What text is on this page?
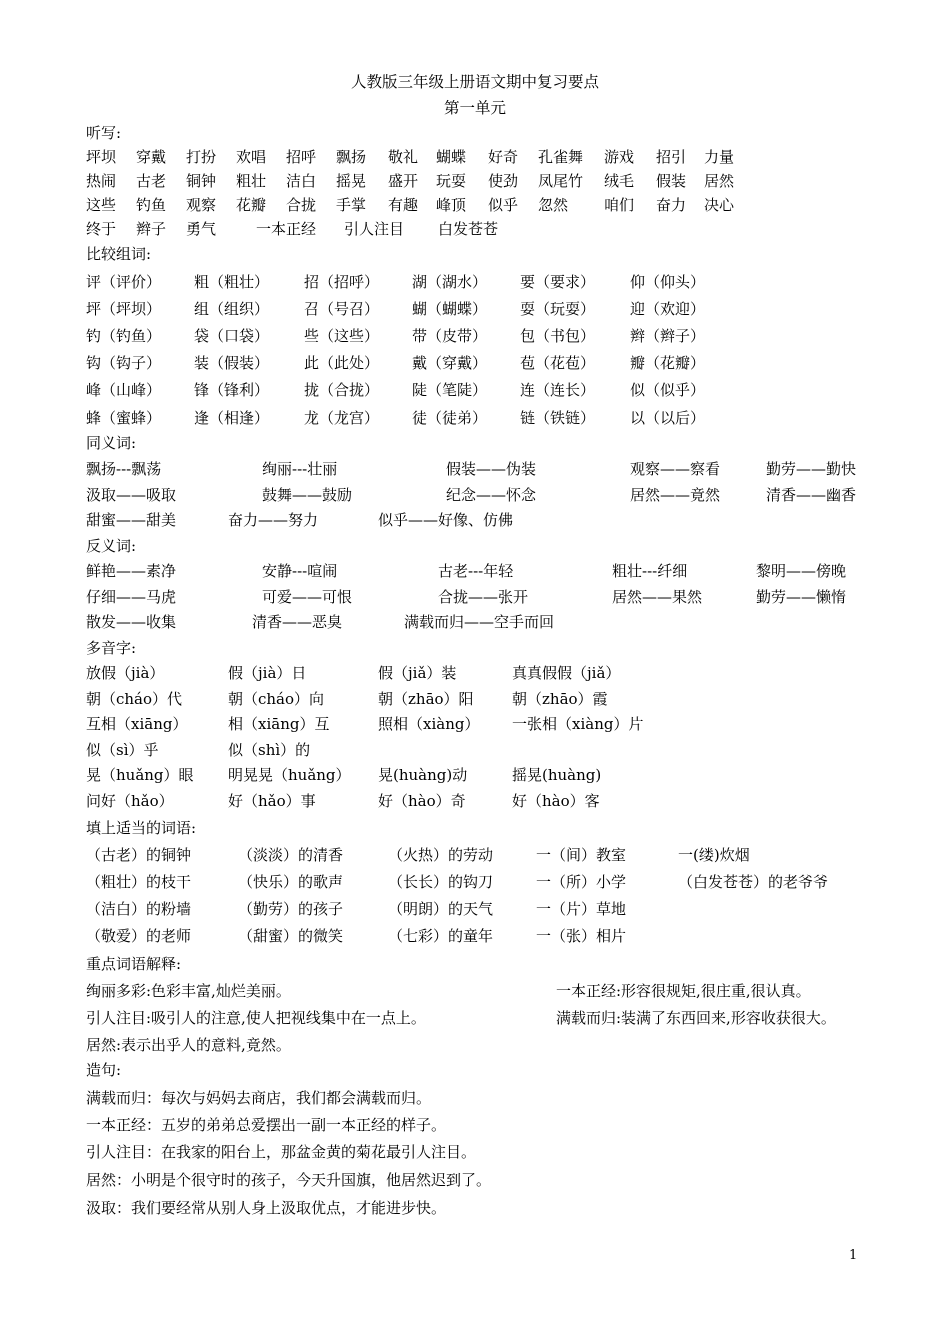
人教版三年级上册语文期中复习要点
第一单元
听写:
坪坝 穿戴 打扮 欢唱 招呼 飘扬 敬礼 蝴蝶 好奇 孔雀舞 游戏 招引 力量
热闹 古老 铜钟 粗壮 洁白 摇晃 盛开 玩耍 使劲 凤尾竹 绒毛 假装 居然
这些 钓鱼 观察 花瓣 合拢 手掌 有趣 峰顶 似乎 忽然 咱们 奋力 决心
终于 辫子 勇气	一本正经 引人注目 白发苍苍
比较组词:
评（评价） 粗（粗壮） 招（招呼） 湖（湖水） 要（要求） 仰（仰头）
坪（坪坝） 组（组织） 召（号召） 蝴（蝴蝶） 耍（玩耍） 迎（欢迎）
钓（钓鱼） 袋（口袋） 些（这些） 带（皮带） 包（书包） 辫（辫子）
钩（钩子） 装（假装） 此（此处） 戴（穿戴） 苞（花苞） 瓣（花瓣）
峰（山峰） 锋（锋利） 拢（合拢） 陡（笔陡） 连（连长） 似（似乎）
蜂（蜜蜂） 逢（相逢） 龙（龙宫） 徒（徒弟） 链（铁链） 以（以后）
同义词:
飘扬---飘荡	绚丽---壮丽	假装——伪装	观察——察看	勤劳——勤快
汲取——吸取	鼓舞——鼓励	纪念——怀念	居然——竟然	清香——幽香
甜蜜——甜美	奋力——努力	似乎——好像、仿佛
反义词:
鲜艳——素净	安静---喧闹	古老---年轻	粗壮---纤细	黎明——傍晚
仔细——马虎	可爱——可恨	合拢——张开	居然——果然	勤劳——懒惰
散发——收集	清香——恶臭	满载而归——空手而回
多音字:
放假（jià）	假（jià）日	假（jiǎ）装	真真假假（jiǎ）
朝（cháo）代	朝（cháo）向	朝（zhāo）阳	朝（zhāo）霞
互相（xiāng）	相（xiāng）互	照相（xiàng） 一张相（xiàng）片
似（sì）乎	似（shì）的
晃（huǎng）眼 明晃晃（huǎng） 晃(huàng)动	摇晃(huàng)
问好（hǎo）	好（hǎo）事	好（hào）奇	好（hào）客
填上适当的词语:
（古老）的铜钟	（淡淡）的清香	（火热）的劳动	一（间）教室	一(缕)炊烟
（粗壮）的枝干	（快乐）的歌声	（长长）的钩刀	一（所）小学	（白发苍苍）的老爷爷
（洁白）的粉墙	（勤劳）的孩子	（明朗）的天气	一（片）草地
（敬爱）的老师	（甜蜜）的微笑	（七彩）的童年	一（张）相片
重点词语解释:
绚丽多彩:色彩丰富,灿烂美丽。	一本正经:形容很规矩,很庄重,很认真。
引人注目:吸引人的注意,使人把视线集中在一点上。	满载而归:装满了东西回来,形容收获很大。
居然:表示出乎人的意料,竟然。
造句:
满载而归：每次与妈妈去商店，我们都会满载而归。
一本正经：五岁的弟弟总爱摆出一副一本正经的样子。
引人注目：在我家的阳台上，那盆金黄的菊花最引人注目。
居然：小明是个很守时的孩子，今天升国旗，他居然迟到了。
汲取：我们要经常从别人身上汲取优点，才能进步快。
1
